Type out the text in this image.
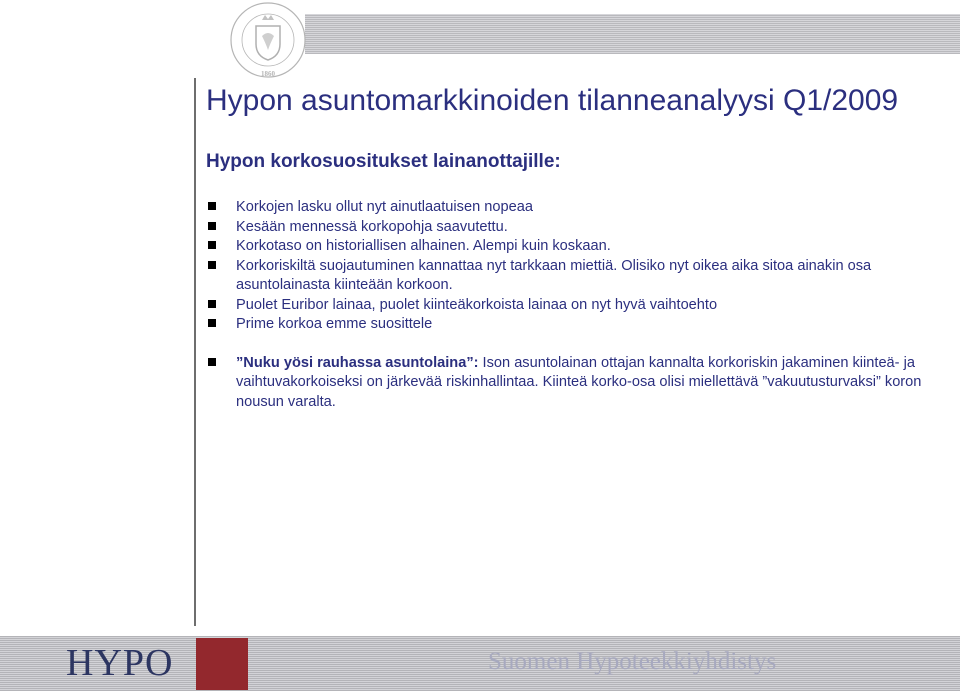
1860
Hypon asuntomarkkinoiden tilanneanalyysi Q1/2009
Hypon korkosuositukset lainanottajille:
Korkojen lasku ollut nyt ainutlaatuisen nopeaa
Kesään mennessä korkopohja saavutettu.
Korkotaso on historiallisen alhainen. Alempi kuin koskaan.
Korkoriskiltä suojautuminen kannattaa nyt tarkkaan miettiä. Olisiko nyt oikea aika sitoa ainakin osa asuntolainasta kiinteään korkoon.
Puolet Euribor lainaa, puolet kiinteäkorkoista lainaa on nyt hyvä vaihtoehto
Prime korkoa emme suosittele
”Nuku yösi rauhassa asuntolaina”: Ison asuntolainan ottajan kannalta korkoriskin jakaminen kiinteä- ja vaihtuvakorkoiseksi on järkevää riskinhallintaa. Kiinteä korko-osa olisi miellettävä ”vakuutusturvaksi” koron nousun varalta.
HYPO	Suomen Hypoteekkiyhdistys
